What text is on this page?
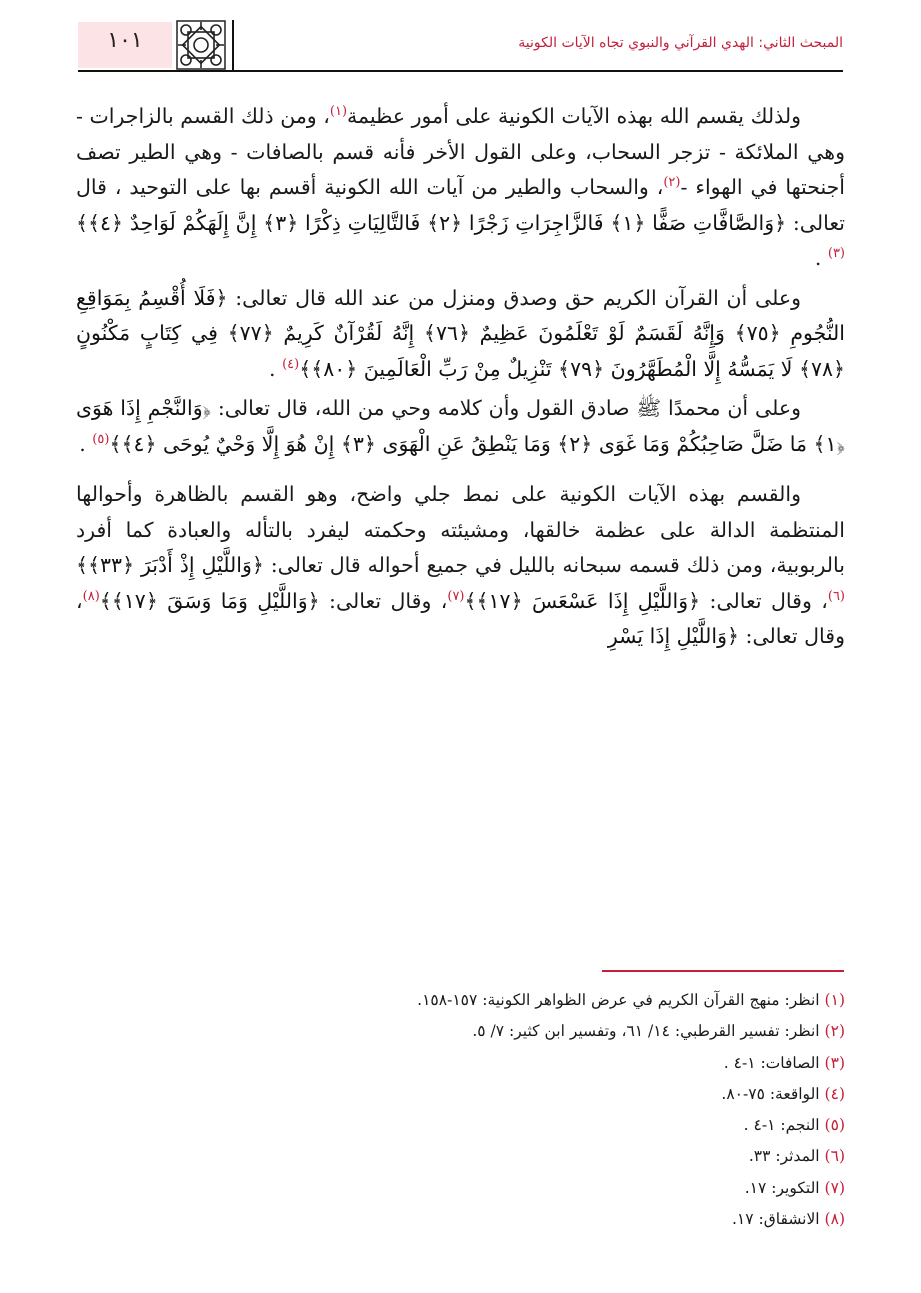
١٠١	المبحث الثاني: الهدي القرآني والنبوي تجاه الآيات الكونية

ولذلك يقسم الله بهذه الآيات الكونية على أمور عظيمة$^{(١)}$، ومن ذلك القسم بالزاجرات - وهي الملائكة - تزجر السحاب، وعلى القول الأخر فأنه قسم بالصافات - وهي الطير تصف أجنحتها في الهواء -$^{(٢)}$، والسحاب والطير من آيات الله الكونية أقسم بها على التوحيد ، قال تعالى: ﴿وَالصَّافَّاتِ صَفًّا ﴿١﴾ فَالزَّاجِرَاتِ زَجْرًا ﴿٢﴾ فَالتَّالِيَاتِ ذِكْرًا ﴿٣﴾ إِنَّ إِلَهَكُمْ لَوَاحِدٌ ﴿٤﴾﴾$^{(٣)}$ .

وعلى أن القرآن الكريم حق وصدق ومنزل من عند الله قال تعالى: ﴿فَلَا أُقْسِمُ بِمَوَاقِعِ النُّجُومِ ﴿٧٥﴾ وَإِنَّهُ لَقَسَمٌ لَوْ تَعْلَمُونَ عَظِيمٌ ﴿٧٦﴾ إِنَّهُ لَقُرْآنٌ كَرِيمٌ ﴿٧٧﴾ فِي كِتَابٍ مَكْنُونٍ ﴿٧٨﴾ لَا يَمَسُّهُ إِلَّا الْمُطَهَّرُونَ ﴿٧٩﴾ تَنْزِيلٌ مِنْ رَبِّ الْعَالَمِينَ ﴿٨٠﴾﴾$^{(٤)}$ .

وعلى أن محمدًا ﷺ صادق القول وأن كلامه وحي من الله، قال تعالى: ﴿وَالنَّجْمِ إِذَا هَوَى ﴿١﴾ مَا ضَلَّ صَاحِبُكُمْ وَمَا غَوَى ﴿٢﴾ وَمَا يَنْطِقُ عَنِ الْهَوَى ﴿٣﴾ إِنْ هُوَ إِلَّا وَحْيٌ يُوحَى ﴿٤﴾﴾$^{(٥)}$ .

والقسم بهذه الآيات الكونية على نمط جلي واضح، وهو القسم بالظاهرة وأحوالها المنتظمة الدالة على عظمة خالقها، ومشيئته وحكمته ليفرد بالتأله والعبادة كما أفرد بالربوبية، ومن ذلك قسمه سبحانه بالليل في جميع أحواله قال تعالى: ﴿وَاللَّيْلِ إِذْ أَدْبَرَ ﴿٣٣﴾﴾$^{(٦)}$، وقال تعالى: ﴿وَاللَّيْلِ إِذَا عَسْعَسَ ﴿١٧﴾﴾$^{(٧)}$، وقال تعالى: ﴿وَاللَّيْلِ وَمَا وَسَقَ ﴿١٧﴾﴾$^{(٨)}$، وقال تعالى: ﴿وَاللَّيْلِ إِذَا يَسْرِ

(١) انظر: منهج القرآن الكريم في عرض الظواهر الكونية: ١٥٧-١٥٨.

(٢) انظر: تفسير القرطبي: ١٤/ ٦١، وتفسير ابن كثير: ٧/ ٥.

(٣) الصافات: ١-٤ .

(٤) الواقعة: ٧٥-٨٠.

(٥) النجم: ١-٤ .

(٦) المدثر: ٣٣.

(٧) التكوير: ١٧.

(٨) الانشقاق: ١٧.
